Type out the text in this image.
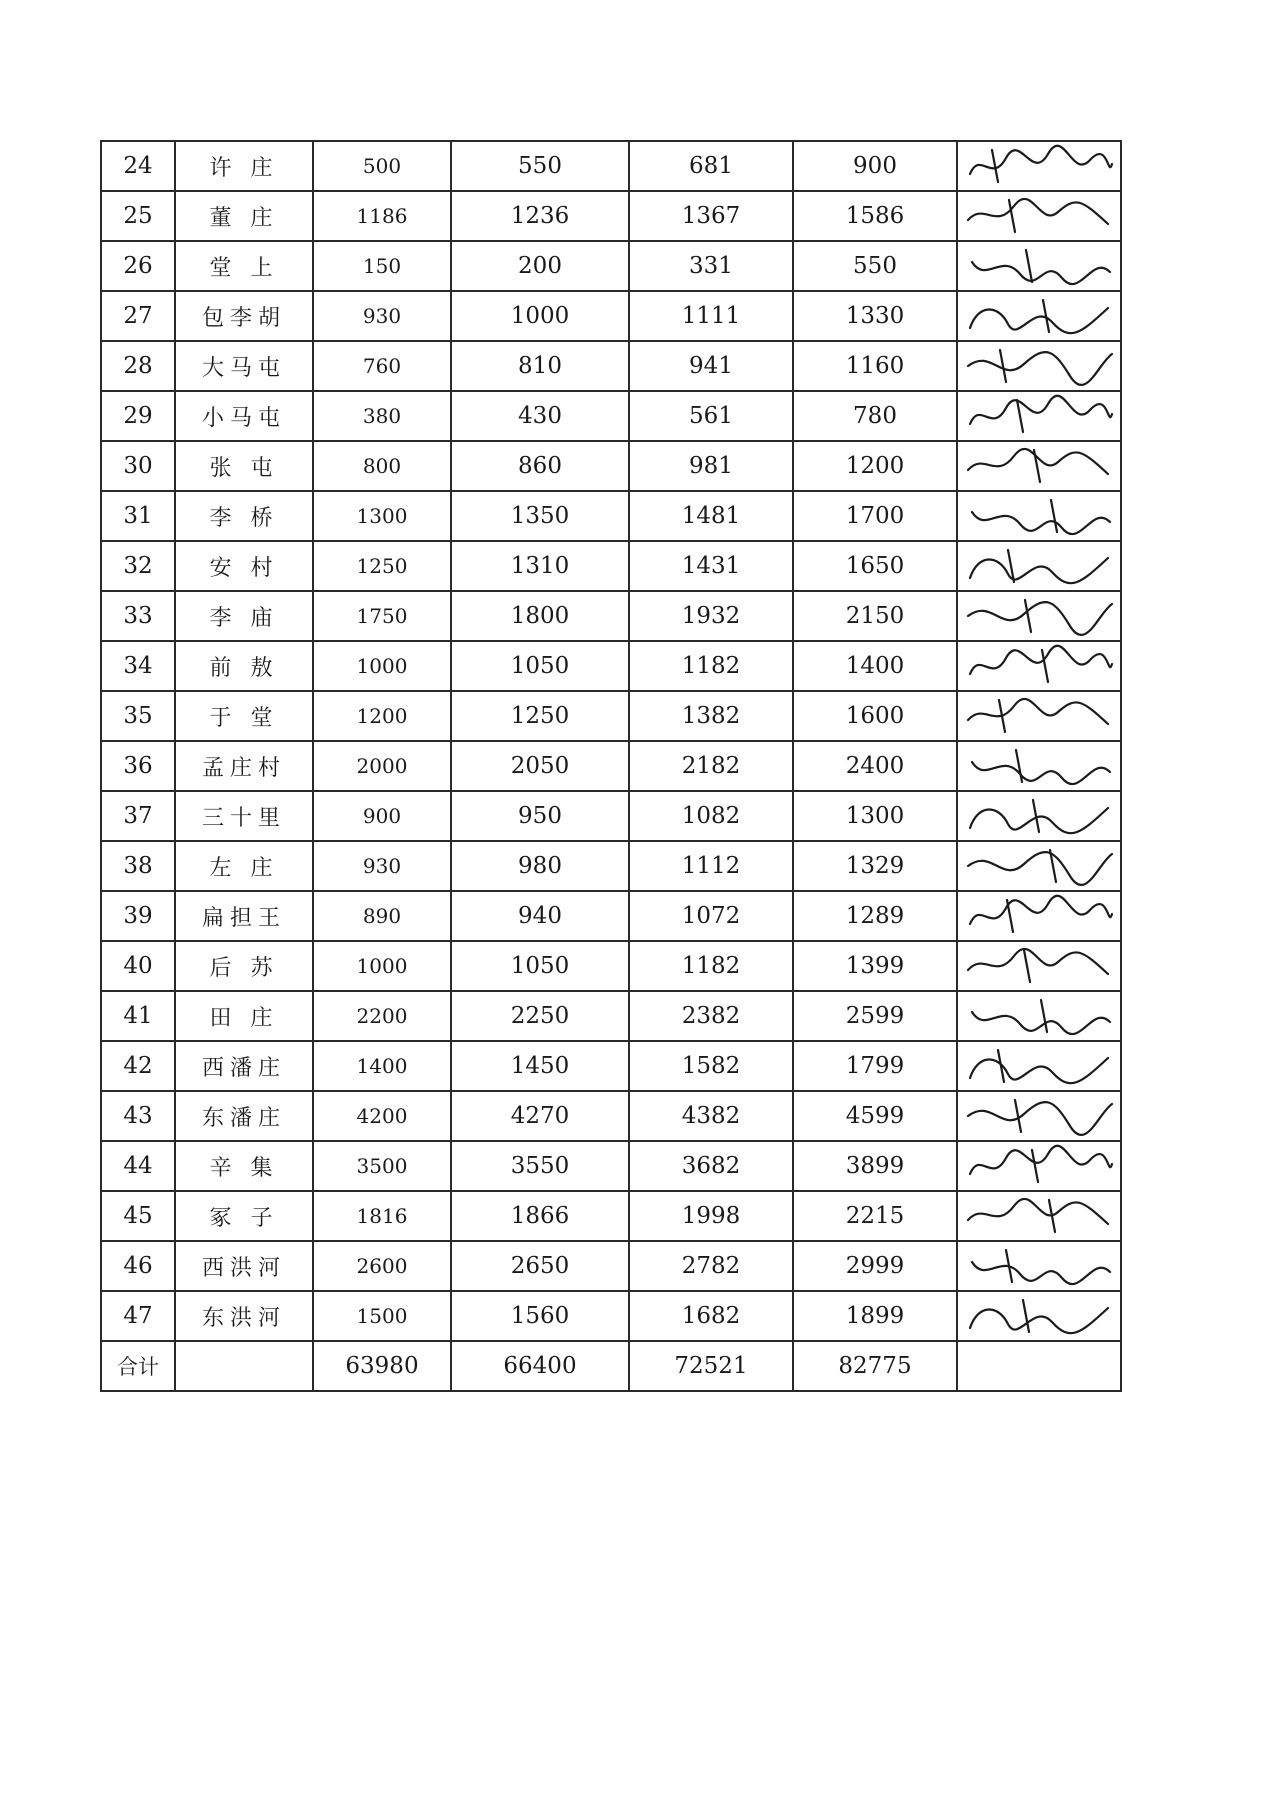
24	许 庄	500	550	681	900	

25	董 庄	1186	1236	1367	1586	

26	堂 上	150	200	331	550	

27	包李胡	930	1000	1111	1330	

28	大马屯	760	810	941	1160	

29	小马屯	380	430	561	780	

30	张 屯	800	860	981	1200	

31	李 桥	1300	1350	1481	1700	

32	安 村	1250	1310	1431	1650	

33	李 庙	1750	1800	1932	2150	

34	前 敖	1000	1050	1182	1400	

35	于 堂	1200	1250	1382	1600	

36	孟庄村	2000	2050	2182	2400	

37	三十里	900	950	1082	1300	

38	左 庄	930	980	1112	1329	

39	扁担王	890	940	1072	1289	

40	后 苏	1000	1050	1182	1399	

41	田 庄	2200	2250	2382	2599	

42	西潘庄	1400	1450	1582	1799	

43	东潘庄	4200	4270	4382	4599	

44	辛 集	3500	3550	3682	3899	

45	冢 子	1816	1866	1998	2215	

46	西洪河	2600	2650	2782	2999	

47	东洪河	1500	1560	1682	1899	

合计		63980	66400	72521	82775	
